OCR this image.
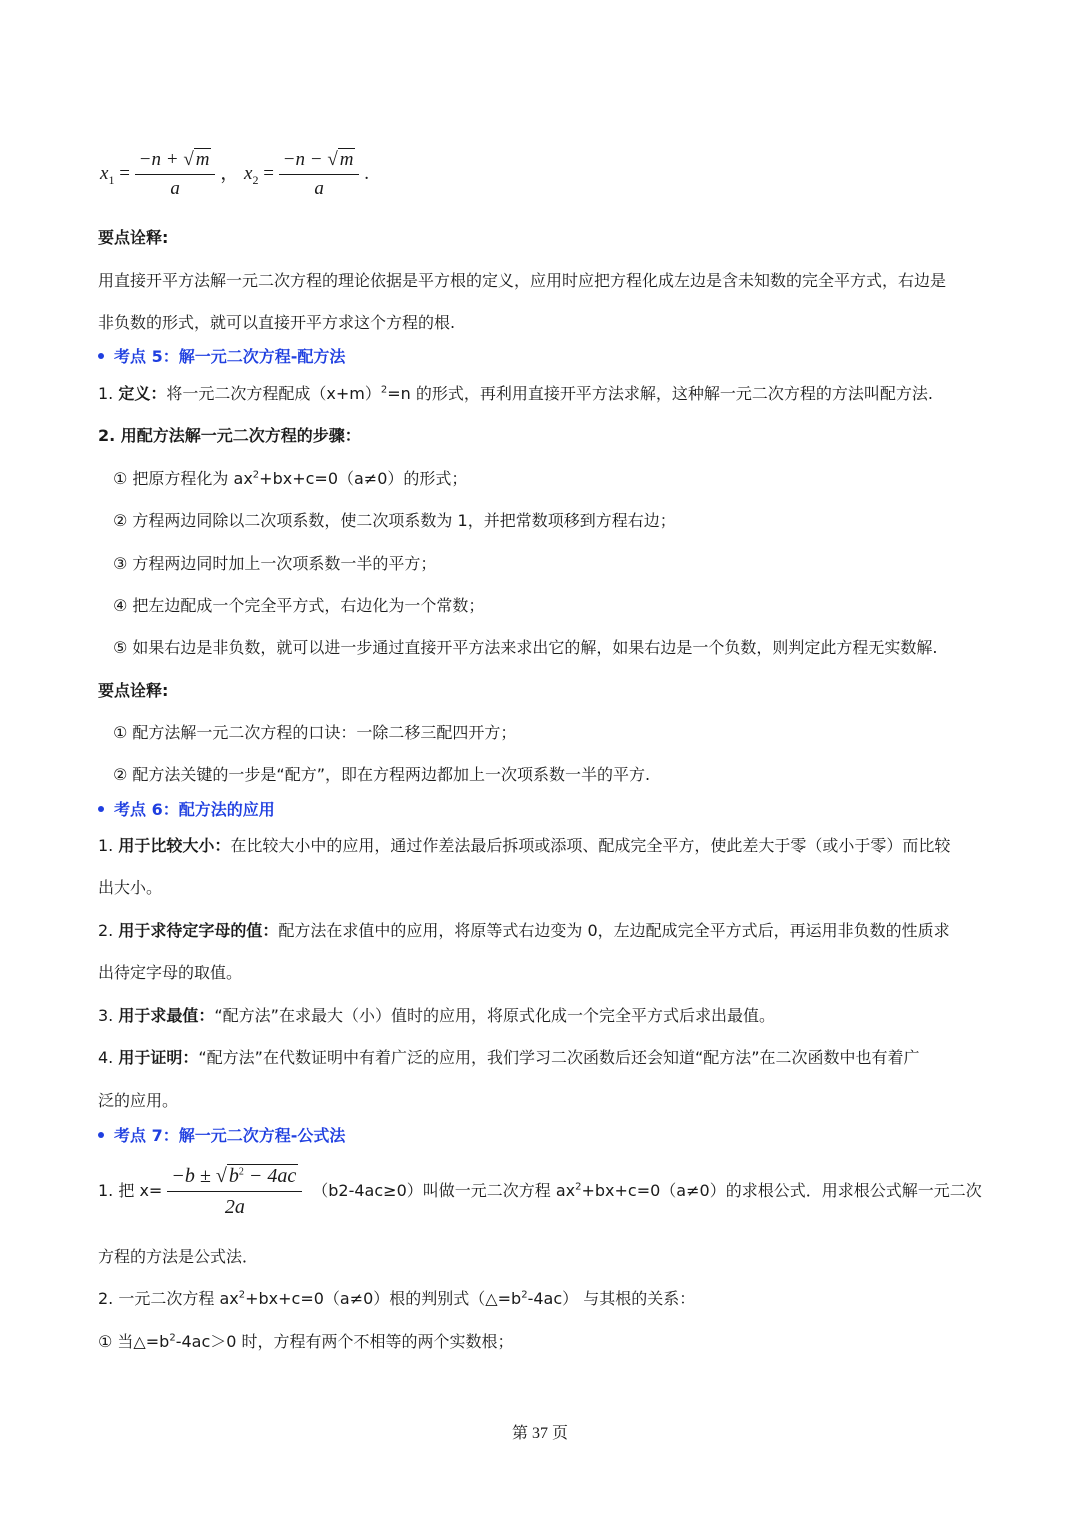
$x_1 = \frac{-n + √ m}{a}$ ， $x_2 = \frac{-n - √ m}{a}$ .
要点诠释:
用直接开平方法解一元二次方程的理论依据是平方根的定义，应用时应把方程化成左边是含未知数的完全平方式，右边是
非负数的形式，就可以直接开平方求这个方程的根.
考点 5：解一元二次方程-配方法
1. 定义：将一元二次方程配成$(x+m)^2=n$ 的形式，再利用直接开平方法求解，这种解一元二次方程的方法叫配方法.
2. 用配方法解一元二次方程的步骤：
① 把原方程化为 $ax^2+bx+c=0(a\ne 0)$的形式；
② 方程两边同除以二次项系数，使二次项系数为 1，并把常数项移到方程右边；
③ 方程两边同时加上一次项系数一半的平方；
④ 把左边配成一个完全平方式，右边化为一个常数；
⑤ 如果右边是非负数，就可以进一步通过直接开平方法来求出它的解，如果右边是一个负数，则判定此方程无实数解.
要点诠释:
① 配方法解一元二次方程的口诀：一除二移三配四开方；
② 配方法关键的一步是“配方”，即在方程两边都加上一次项系数一半的平方.
考点 6：配方法的应用
1. 用于比较大小：在比较大小中的应用，通过作差法最后拆项或添项、配成完全平方，使此差大于零（或小于零）而比较
出大小。
2. 用于求待定字母的值：配方法在求值中的应用，将原等式右边变为 0，左边配成完全平方式后，再运用非负数的性质求
出待定字母的取值。
3. 用于求最值：“配方法”在求最大（小）值时的应用，将原式化成一个完全平方式后求出最值。
4. 用于证明：“配方法”在代数证明中有着广泛的应用，我们学习二次函数后还会知道“配方法”在二次函数中也有着广
泛的应用。
考点 7：解一元二次方程-公式法
1. 把 $x= \frac{-b \pm √ b^2 - 4ac}{2a} (b2-4ac\ge 0)$叫做一元二次方程 $ax^2+bx+c=0(a\ne 0)$的求根公式．用求根公式解一元二次
方程的方法是公式法．
2. 一元二次方程 $ax^2+bx+c=0(a\ne 0)$根的判别式$(\triangle=b^2-4ac)$ 与其根的关系：
① 当$\triangle=b^2-4ac>0$ 时，方程有两个不相等的两个实数根；
第 37 页
